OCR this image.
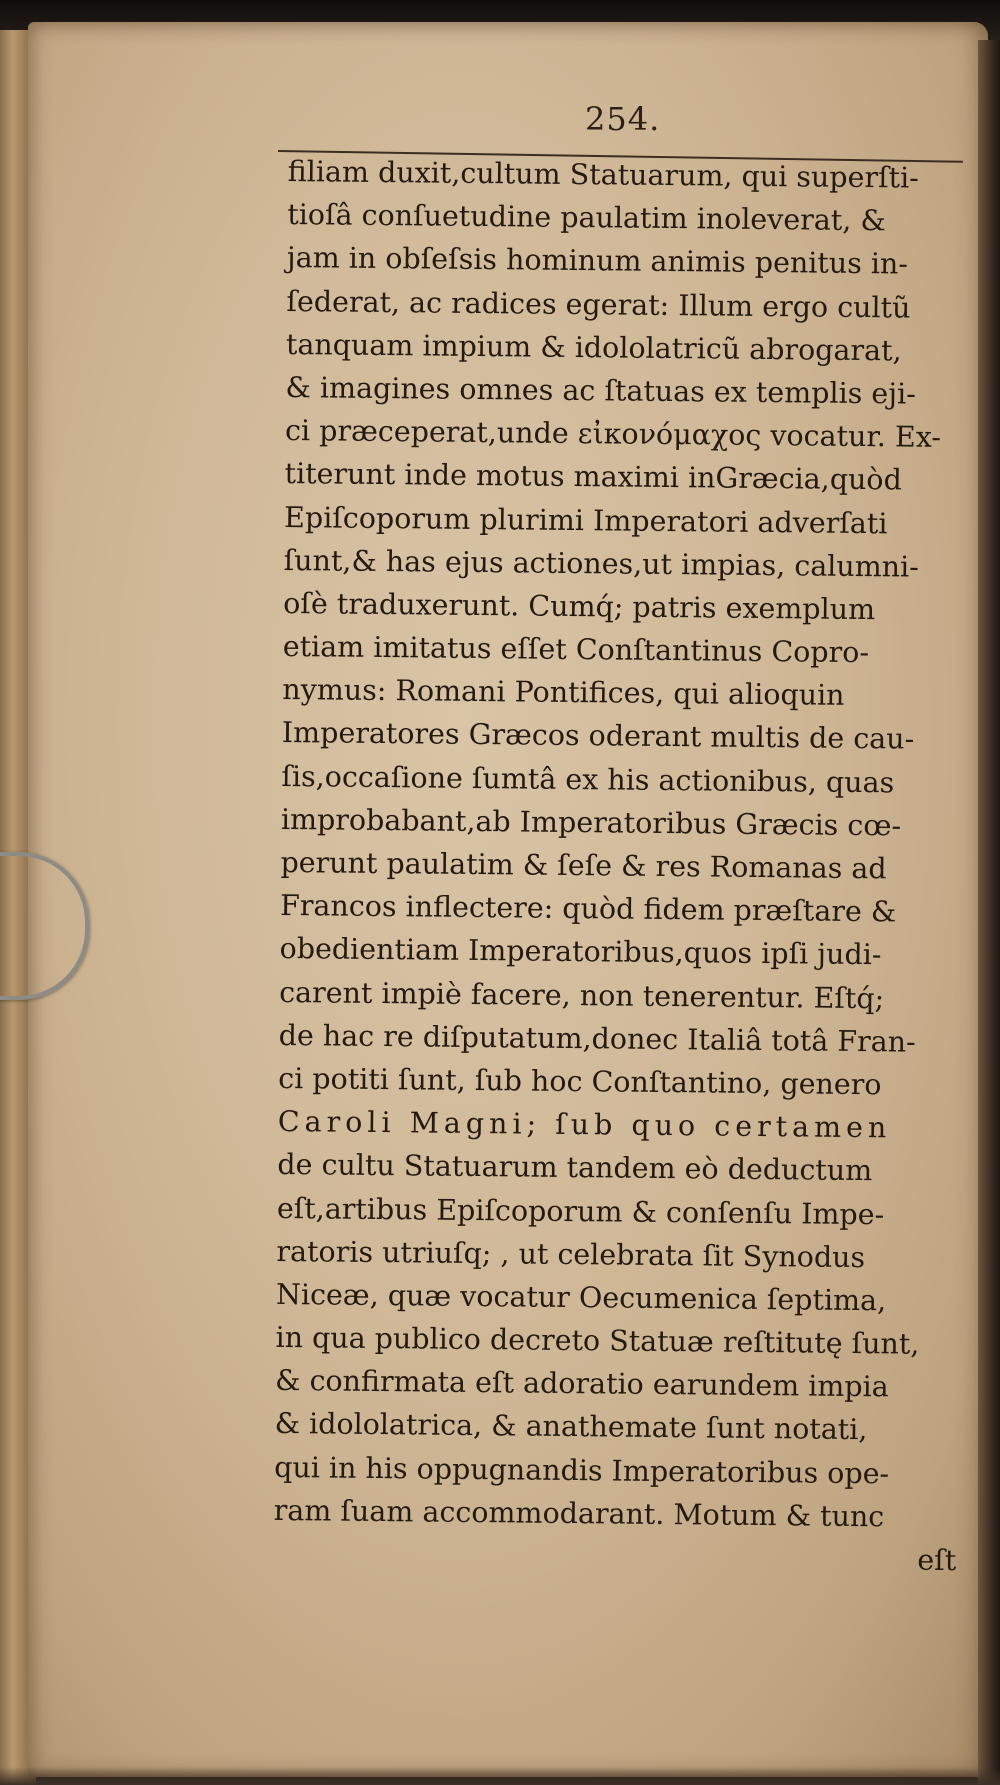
254.
filiam duxit,cultum Statuarum, qui superſti-
tioſâ conſuetudine paulatim inoleverat, &
jam in obſeſsis hominum animis penitus in-
ſederat, ac radices egerat: Illum ergo cultũ
tanquam impium & idololatricũ abrogarat,
& imagines omnes ac ſtatuas ex templis eji-
ci præceperat,unde εἰκονόμαχος vocatur. Ex-
titerunt inde motus maximi inGræcia,quòd
Epiſcoporum plurimi Imperatori adverſati
ſunt,& has ejus actiones,ut impias, calumni-
oſè traduxerunt. Cumq́; patris exemplum
etiam imitatus eſſet Conſtantinus Copro-
nymus: Romani Pontifices, qui alioquin
Imperatores Græcos oderant multis de cau-
ſis,occaſione ſumtâ ex his actionibus, quas
improbabant,ab Imperatoribus Græcis cœ-
perunt paulatim & ſeſe & res Romanas ad
Francos inflectere: quòd fidem præſtare &
obedientiam Imperatoribus,quos ipſi judi-
carent impiè facere, non tenerentur. Eſtq́;
de hac re diſputatum,donec Italiâ totâ Fran-
ci potiti ſunt, ſub hoc Conſtantino, genero
Caroli Magni; ſub quo certamen
de cultu Statuarum tandem eò deductum
eſt,artibus Epiſcoporum & conſenſu Impe-
ratoris utriuſq; , ut celebrata ſit Synodus
Niceæ, quæ vocatur Oecumenica ſeptima,
in qua publico decreto Statuæ reſtitutę ſunt,
& confirmata eſt adoratio earundem impia
& idololatrica, & anathemate ſunt notati,
qui in his oppugnandis Imperatoribus ope-
ram ſuam accommodarant. Motum & tunc
eſt
